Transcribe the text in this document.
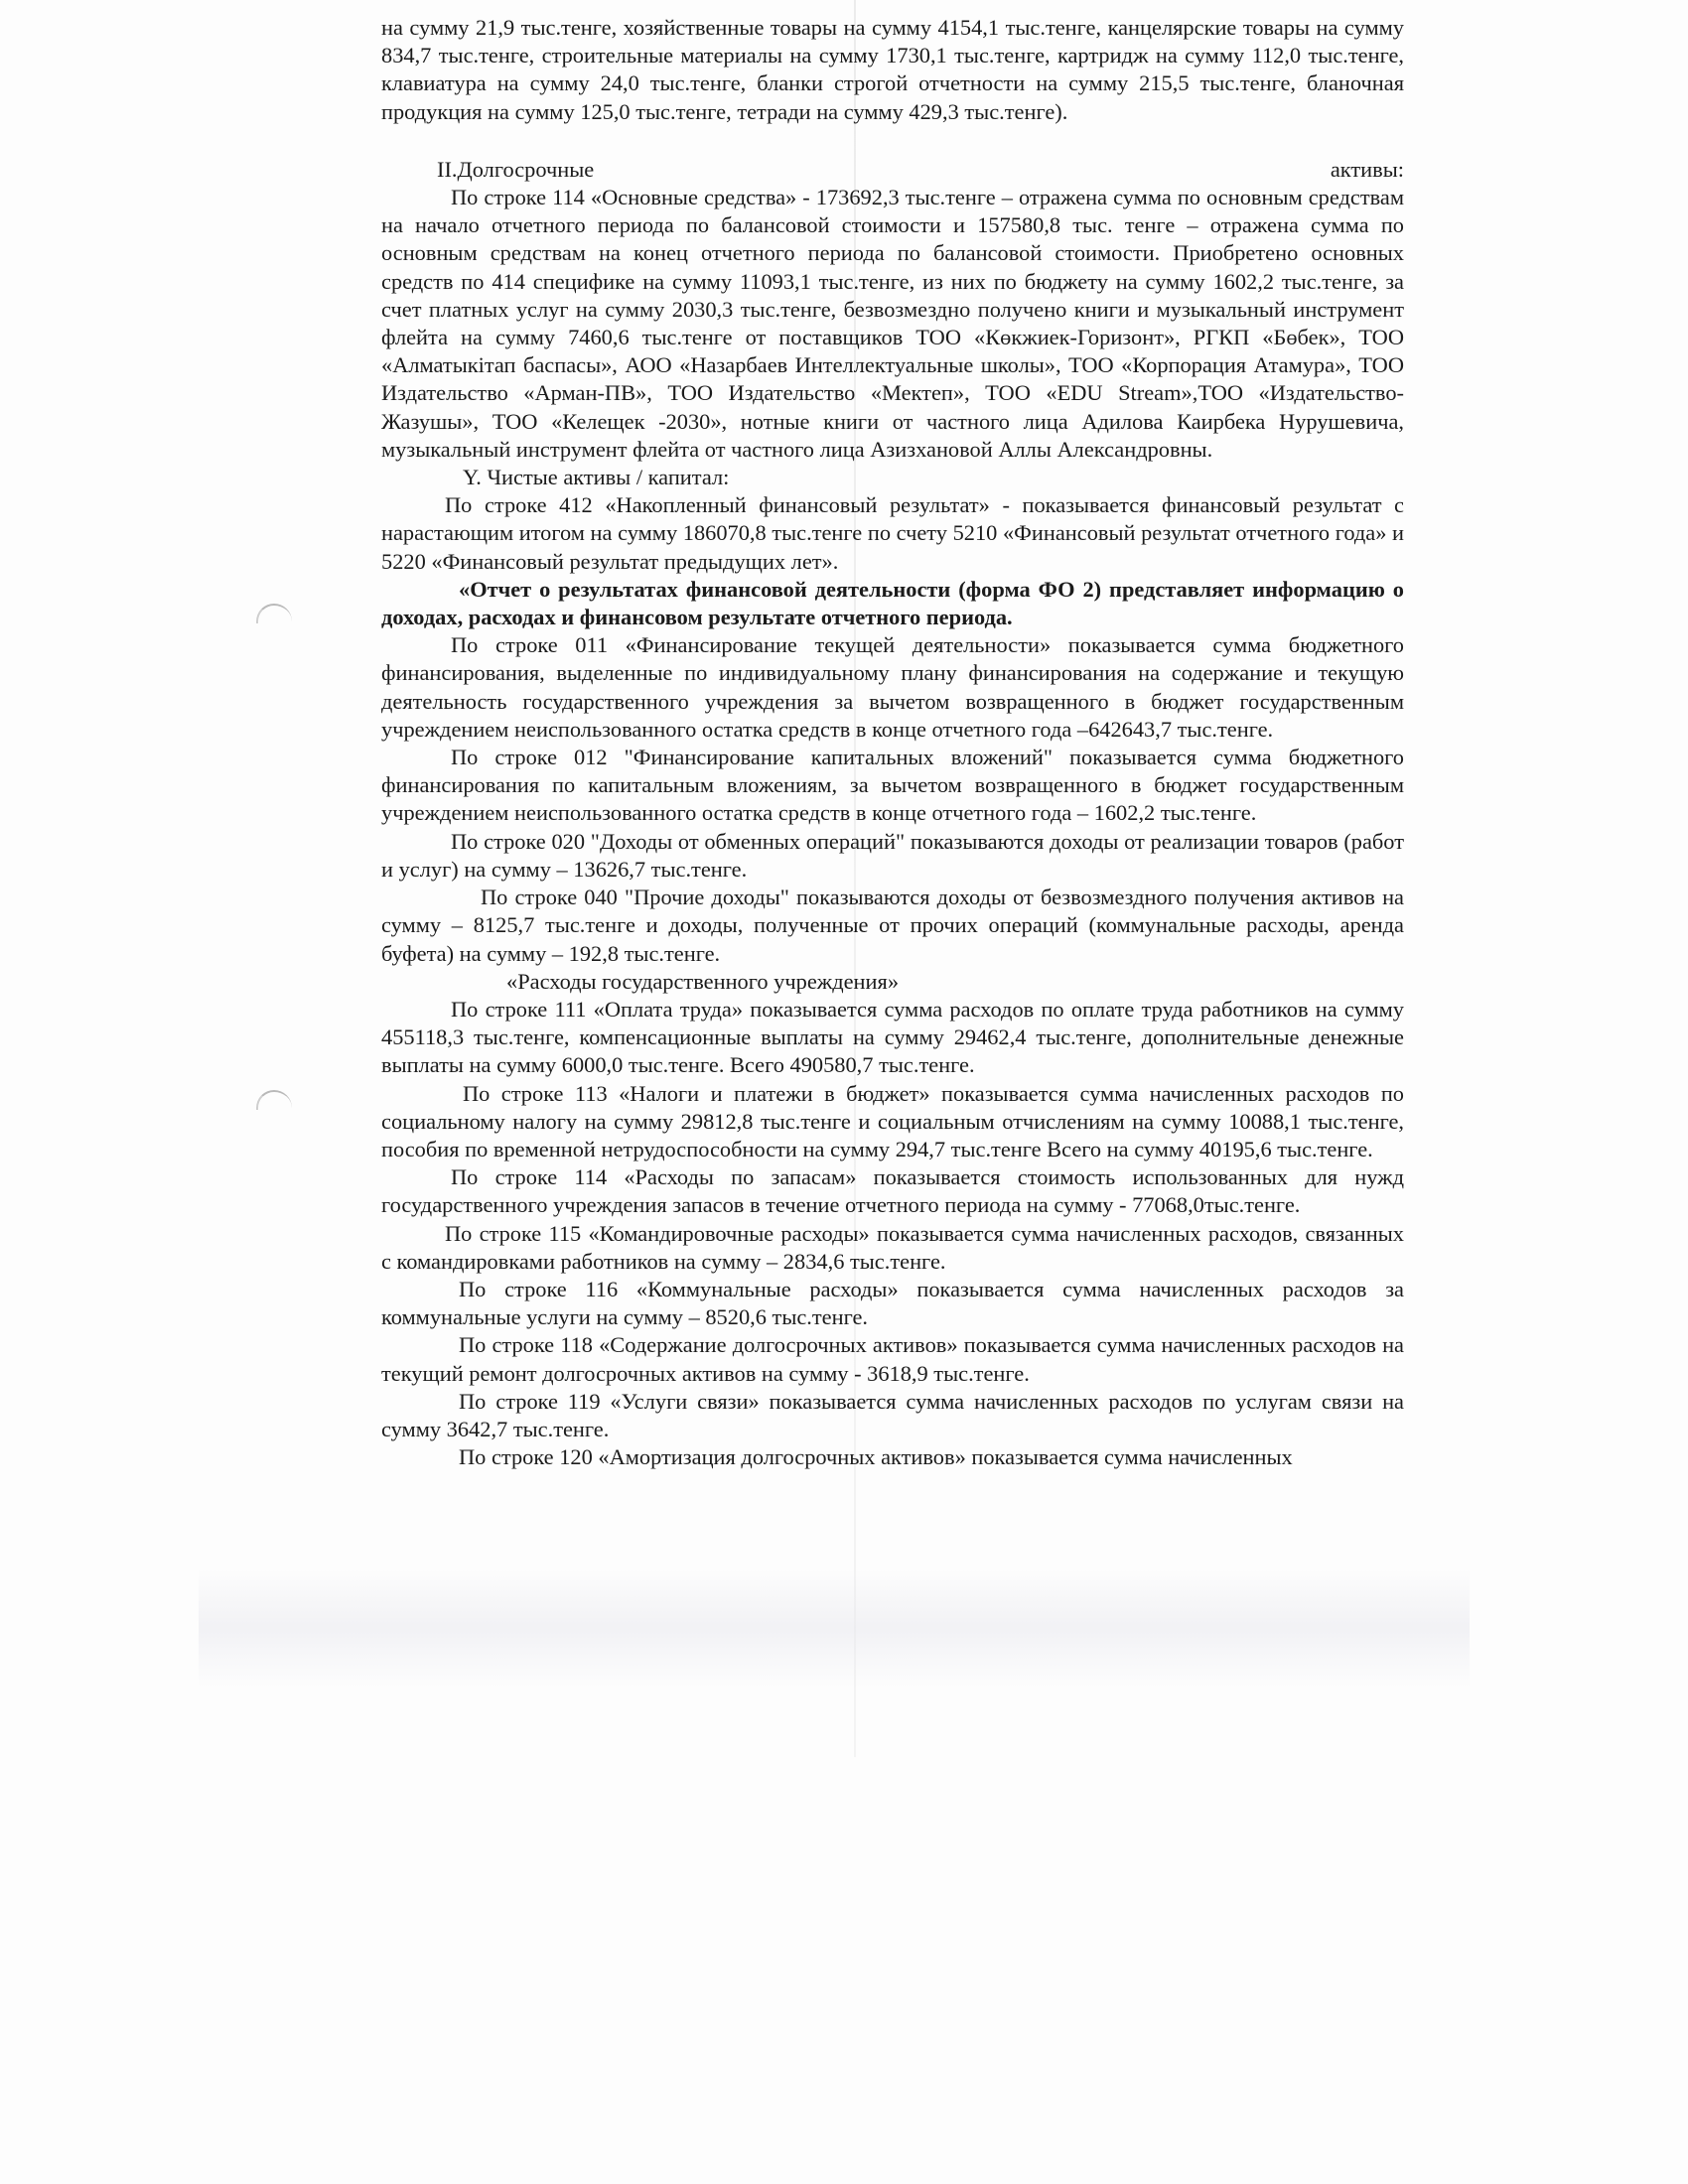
на сумму 21,9 тыс.тенге, хозяйственные товары на сумму 4154,1 тыс.тенге, канцелярские товары на сумму 834,7 тыс.тенге, строительные материалы на сумму 1730,1 тыс.тенге, картридж на сумму 112,0 тыс.тенге, клавиатура на сумму 24,0 тыс.тенге, бланки строгой отчетности на сумму 215,5 тыс.тенге, бланочная продукция на сумму 125,0 тыс.тенге, тетради на сумму 429,3 тыс.тенге).

II.Долгосрочные	активы:

По строке 114 «Основные средства» - 173692,3 тыс.тенге – отражена сумма по основным средствам на начало отчетного периода по балансовой стоимости и 157580,8 тыс. тенге – отражена сумма по основным средствам на конец отчетного периода по балансовой стоимости. Приобретено основных средств по 414 специфике на сумму 11093,1 тыс.тенге, из них по бюджету на сумму 1602,2 тыс.тенге, за счет платных услуг на сумму 2030,3 тыс.тенге, безвозмездно получено книги и музыкальный инструмент флейта на сумму 7460,6 тыс.тенге от поставщиков ТОО «Көкжиек-Горизонт», РГКП «Бөбек», ТОО «Алматыкітап баспасы», АОО «Назарбаев Интеллектуальные школы», ТОО «Корпорация Атамура», ТОО Издательство «Арман-ПВ», ТОО Издательство «Мектеп», ТОО «EDU Stream»,ТОО «Издательство-Жазушы», ТОО «Келещек -2030», нотные книги от частного лица Адилова Каирбека Нурушевича, музыкальный инструмент флейта от частного лица Азизхановой Аллы Александровны.

Y. Чистые активы / капитал:

По строке 412 «Накопленный финансовый результат» - показывается финансовый результат с нарастающим итогом на сумму 186070,8 тыс.тенге по счету 5210 «Финансовый результат отчетного года» и 5220 «Финансовый результат предыдущих лет».

«Отчет о результатах финансовой деятельности (форма ФО 2) представляет информацию о доходах, расходах и финансовом результате отчетного периода.

По строке 011 «Финансирование текущей деятельности» показывается сумма бюджетного финансирования, выделенные по индивидуальному плану финансирования на содержание и текущую деятельность государственного учреждения за вычетом возвращенного в бюджет государственным учреждением неиспользованного остатка средств в конце отчетного года –642643,7 тыс.тенге.

По строке 012 "Финансирование капитальных вложений" показывается сумма бюджетного финансирования по капитальным вложениям, за вычетом возвращенного в бюджет государственным учреждением неиспользованного остатка средств в конце отчетного года – 1602,2 тыс.тенге.

По строке 020 "Доходы от обменных операций" показываются доходы от реализации товаров (работ и услуг) на сумму – 13626,7 тыс.тенге.

По строке 040 "Прочие доходы" показываются доходы от безвозмездного получения активов на сумму – 8125,7 тыс.тенге и доходы, полученные от прочих операций (коммунальные расходы, аренда буфета) на сумму – 192,8 тыс.тенге.

«Расходы государственного учреждения»

По строке 111 «Оплата труда» показывается сумма расходов по оплате труда работников на сумму 455118,3 тыс.тенге, компенсационные выплаты на сумму 29462,4 тыс.тенге, дополнительные денежные выплаты на сумму 6000,0 тыс.тенге. Всего 490580,7 тыс.тенге.

По строке 113 «Налоги и платежи в бюджет» показывается сумма начисленных расходов по социальному налогу на сумму 29812,8 тыс.тенге и социальным отчислениям на сумму 10088,1 тыс.тенге, пособия по временной нетрудоспособности на сумму 294,7 тыс.тенге Всего на сумму 40195,6 тыс.тенге.

По строке 114 «Расходы по запасам» показывается стоимость использованных для нужд государственного учреждения запасов в течение отчетного периода на сумму - 77068,0тыс.тенге.

По строке 115 «Командировочные расходы» показывается сумма начисленных расходов, связанных с командировками работников на сумму – 2834,6 тыс.тенге.

По строке 116 «Коммунальные расходы» показывается сумма начисленных расходов за коммунальные услуги на сумму – 8520,6 тыс.тенге.

По строке 118 «Содержание долгосрочных активов» показывается сумма начисленных расходов на текущий ремонт долгосрочных активов на сумму - 3618,9 тыс.тенге.

По строке 119 «Услуги связи» показывается сумма начисленных расходов по услугам связи на сумму 3642,7 тыс.тенге.

По строке 120 «Амортизация долгосрочных активов» показывается сумма начисленных
